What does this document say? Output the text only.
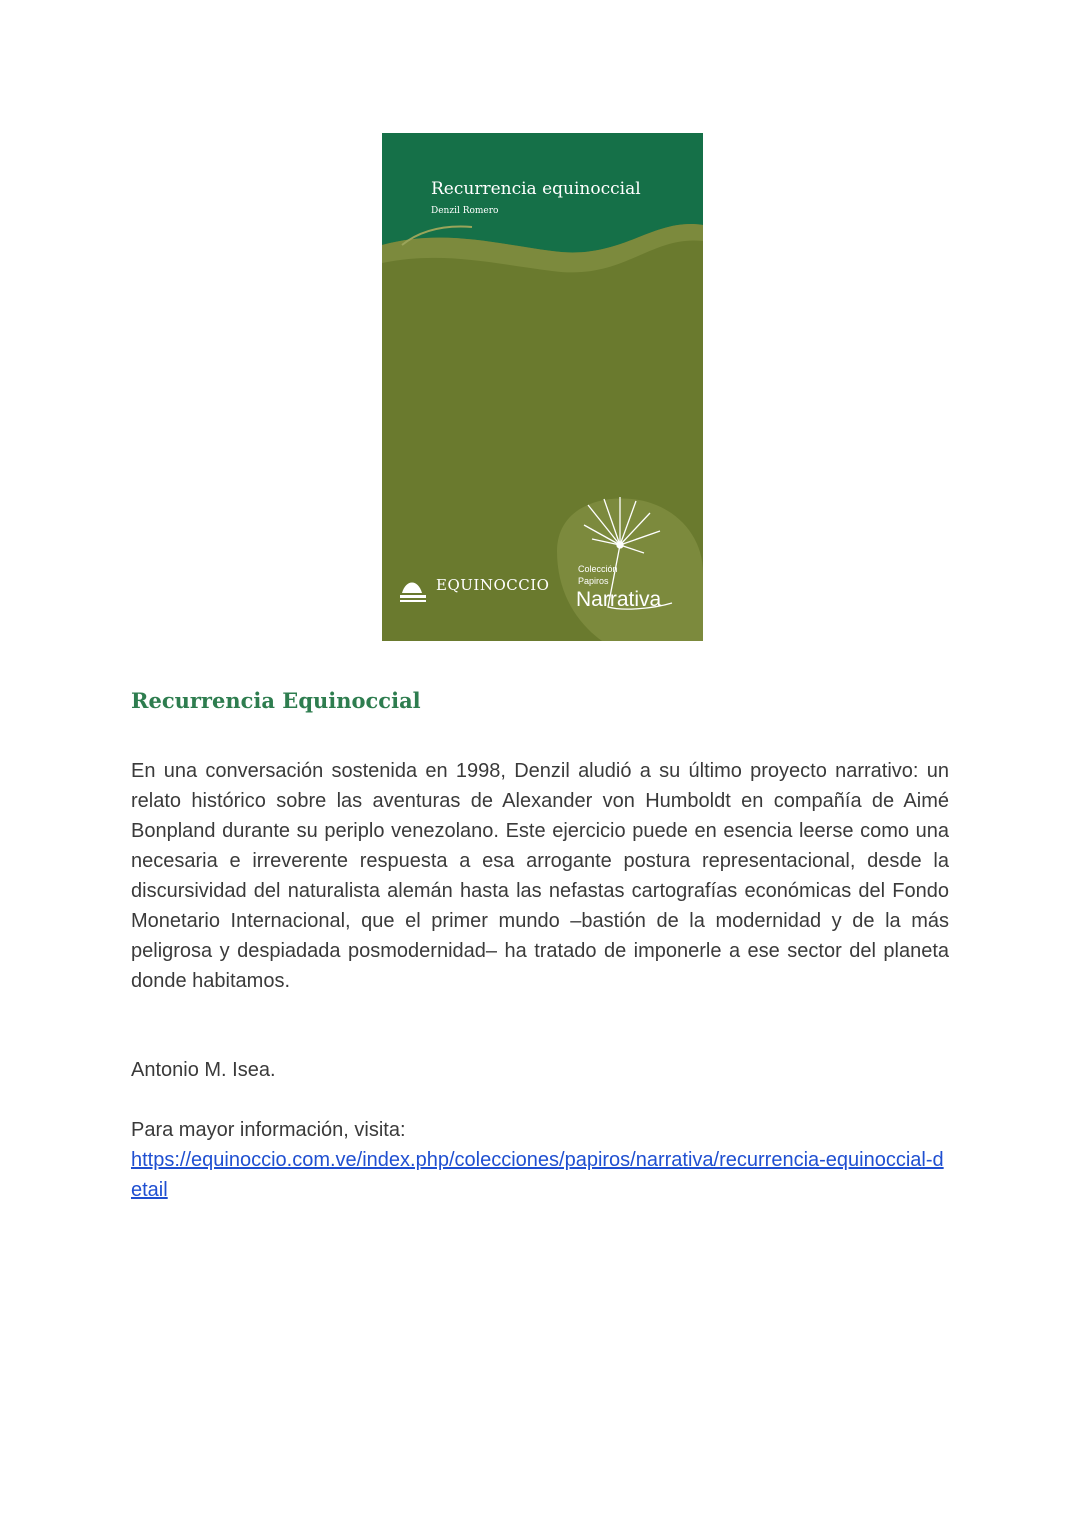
Recurrencia equinoccial
Denzil Romero
EQUINOCCIO
Colección
Papiros
Narrativa
Recurrencia Equinoccial

En una conversación sostenida en 1998, Denzil aludió a su último proyecto narrativo: un relato histórico sobre las aventuras de Alexander von Humboldt en compañía de Aimé Bonpland durante su periplo venezolano. Este ejercicio puede en esencia leerse como una necesaria e irreverente respuesta a esa arrogante postura representacional, desde la discursividad del naturalista alemán hasta las nefastas cartografías económicas del Fondo Monetario Internacional, que el primer mundo –bastión de la modernidad y de la más peligrosa y despiadada posmodernidad– ha tratado de imponerle a ese sector del planeta donde habitamos.

Antonio M. Isea.

Para mayor información, visita:
https://equinoccio.com.ve/index.php/colecciones/papiros/narrativa/recurrencia-equinoccial-detail
